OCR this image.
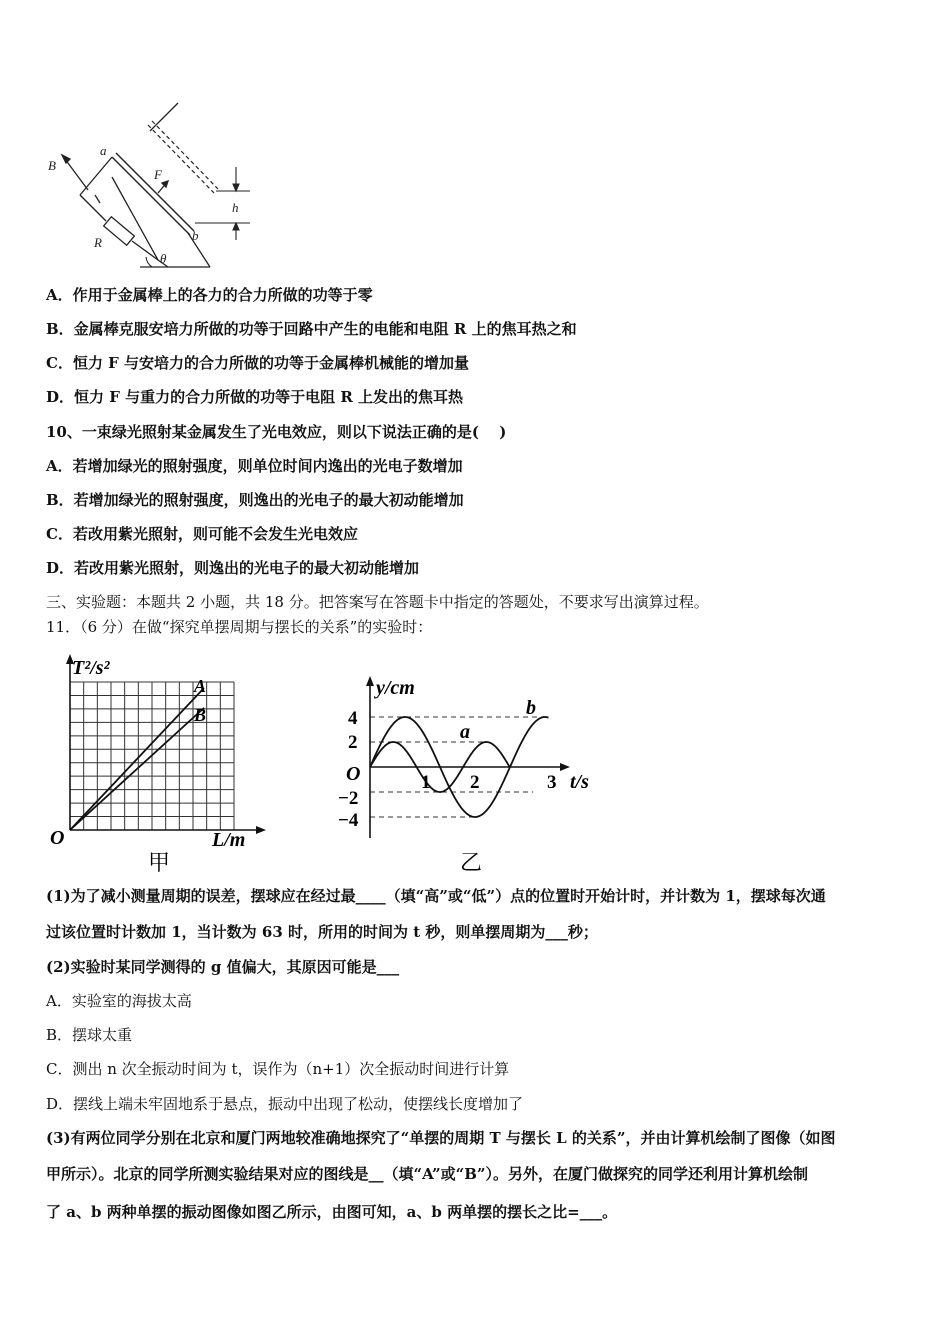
B
a
F
h
b
R
θ
A．作用于金属棒上的各力的合力所做的功等于零
B．金属棒克服安培力所做的功等于回路中产生的电能和电阻 R 上的焦耳热之和
C．恒力 F 与安培力的合力所做的功等于金属棒机械能的增加量
D．恒力 F 与重力的合力所做的功等于电阻 R 上发出的焦耳热
10、一束绿光照射某金属发生了光电效应，则以下说法正确的是(　 )
A．若增加绿光的照射强度，则单位时间内逸出的光电子数增加
B．若增加绿光的照射强度，则逸出的光电子的最大初动能增加
C．若改用紫光照射，则可能不会发生光电效应
D．若改用紫光照射，则逸出的光电子的最大初动能增加
三、实验题：本题共 2 小题，共 18 分。把答案写在答题卡中指定的答题处，不要求写出演算过程。
11．（6 分）在做“探究单摆周期与摆长的关系”的实验时：
T²/s²
L/m
O
A
B
甲
y/cm
t/s
O
4
2
−2
−4
1 2	3
a
b
乙
(1)为了减小测量周期的误差，摆球应在经过最____（填“高”或“低”）点的位置时开始计时，并计数为 1，摆球每次通
过该位置时计数加 1，当计数为 63 时，所用的时间为 t 秒，则单摆周期为___秒；
(2)实验时某同学测得的 g 值偏大，其原因可能是___
A．实验室的海拔太高
B．摆球太重
C．测出 n 次全振动时间为 t，误作为（n+1）次全振动时间进行计算
D．摆线上端未牢固地系于悬点，振动中出现了松动，使摆线长度增加了
(3)有两位同学分别在北京和厦门两地较准确地探究了“单摆的周期 T 与摆长 L 的关系”，并由计算机绘制了图像（如图
甲所示）。北京的同学所测实验结果对应的图线是__（填“A”或“B”）。另外，在厦门做探究的同学还利用计算机绘制
了 a、b 两种单摆的振动图像如图乙所示，由图可知，a、b 两单摆的摆长之比=___。
